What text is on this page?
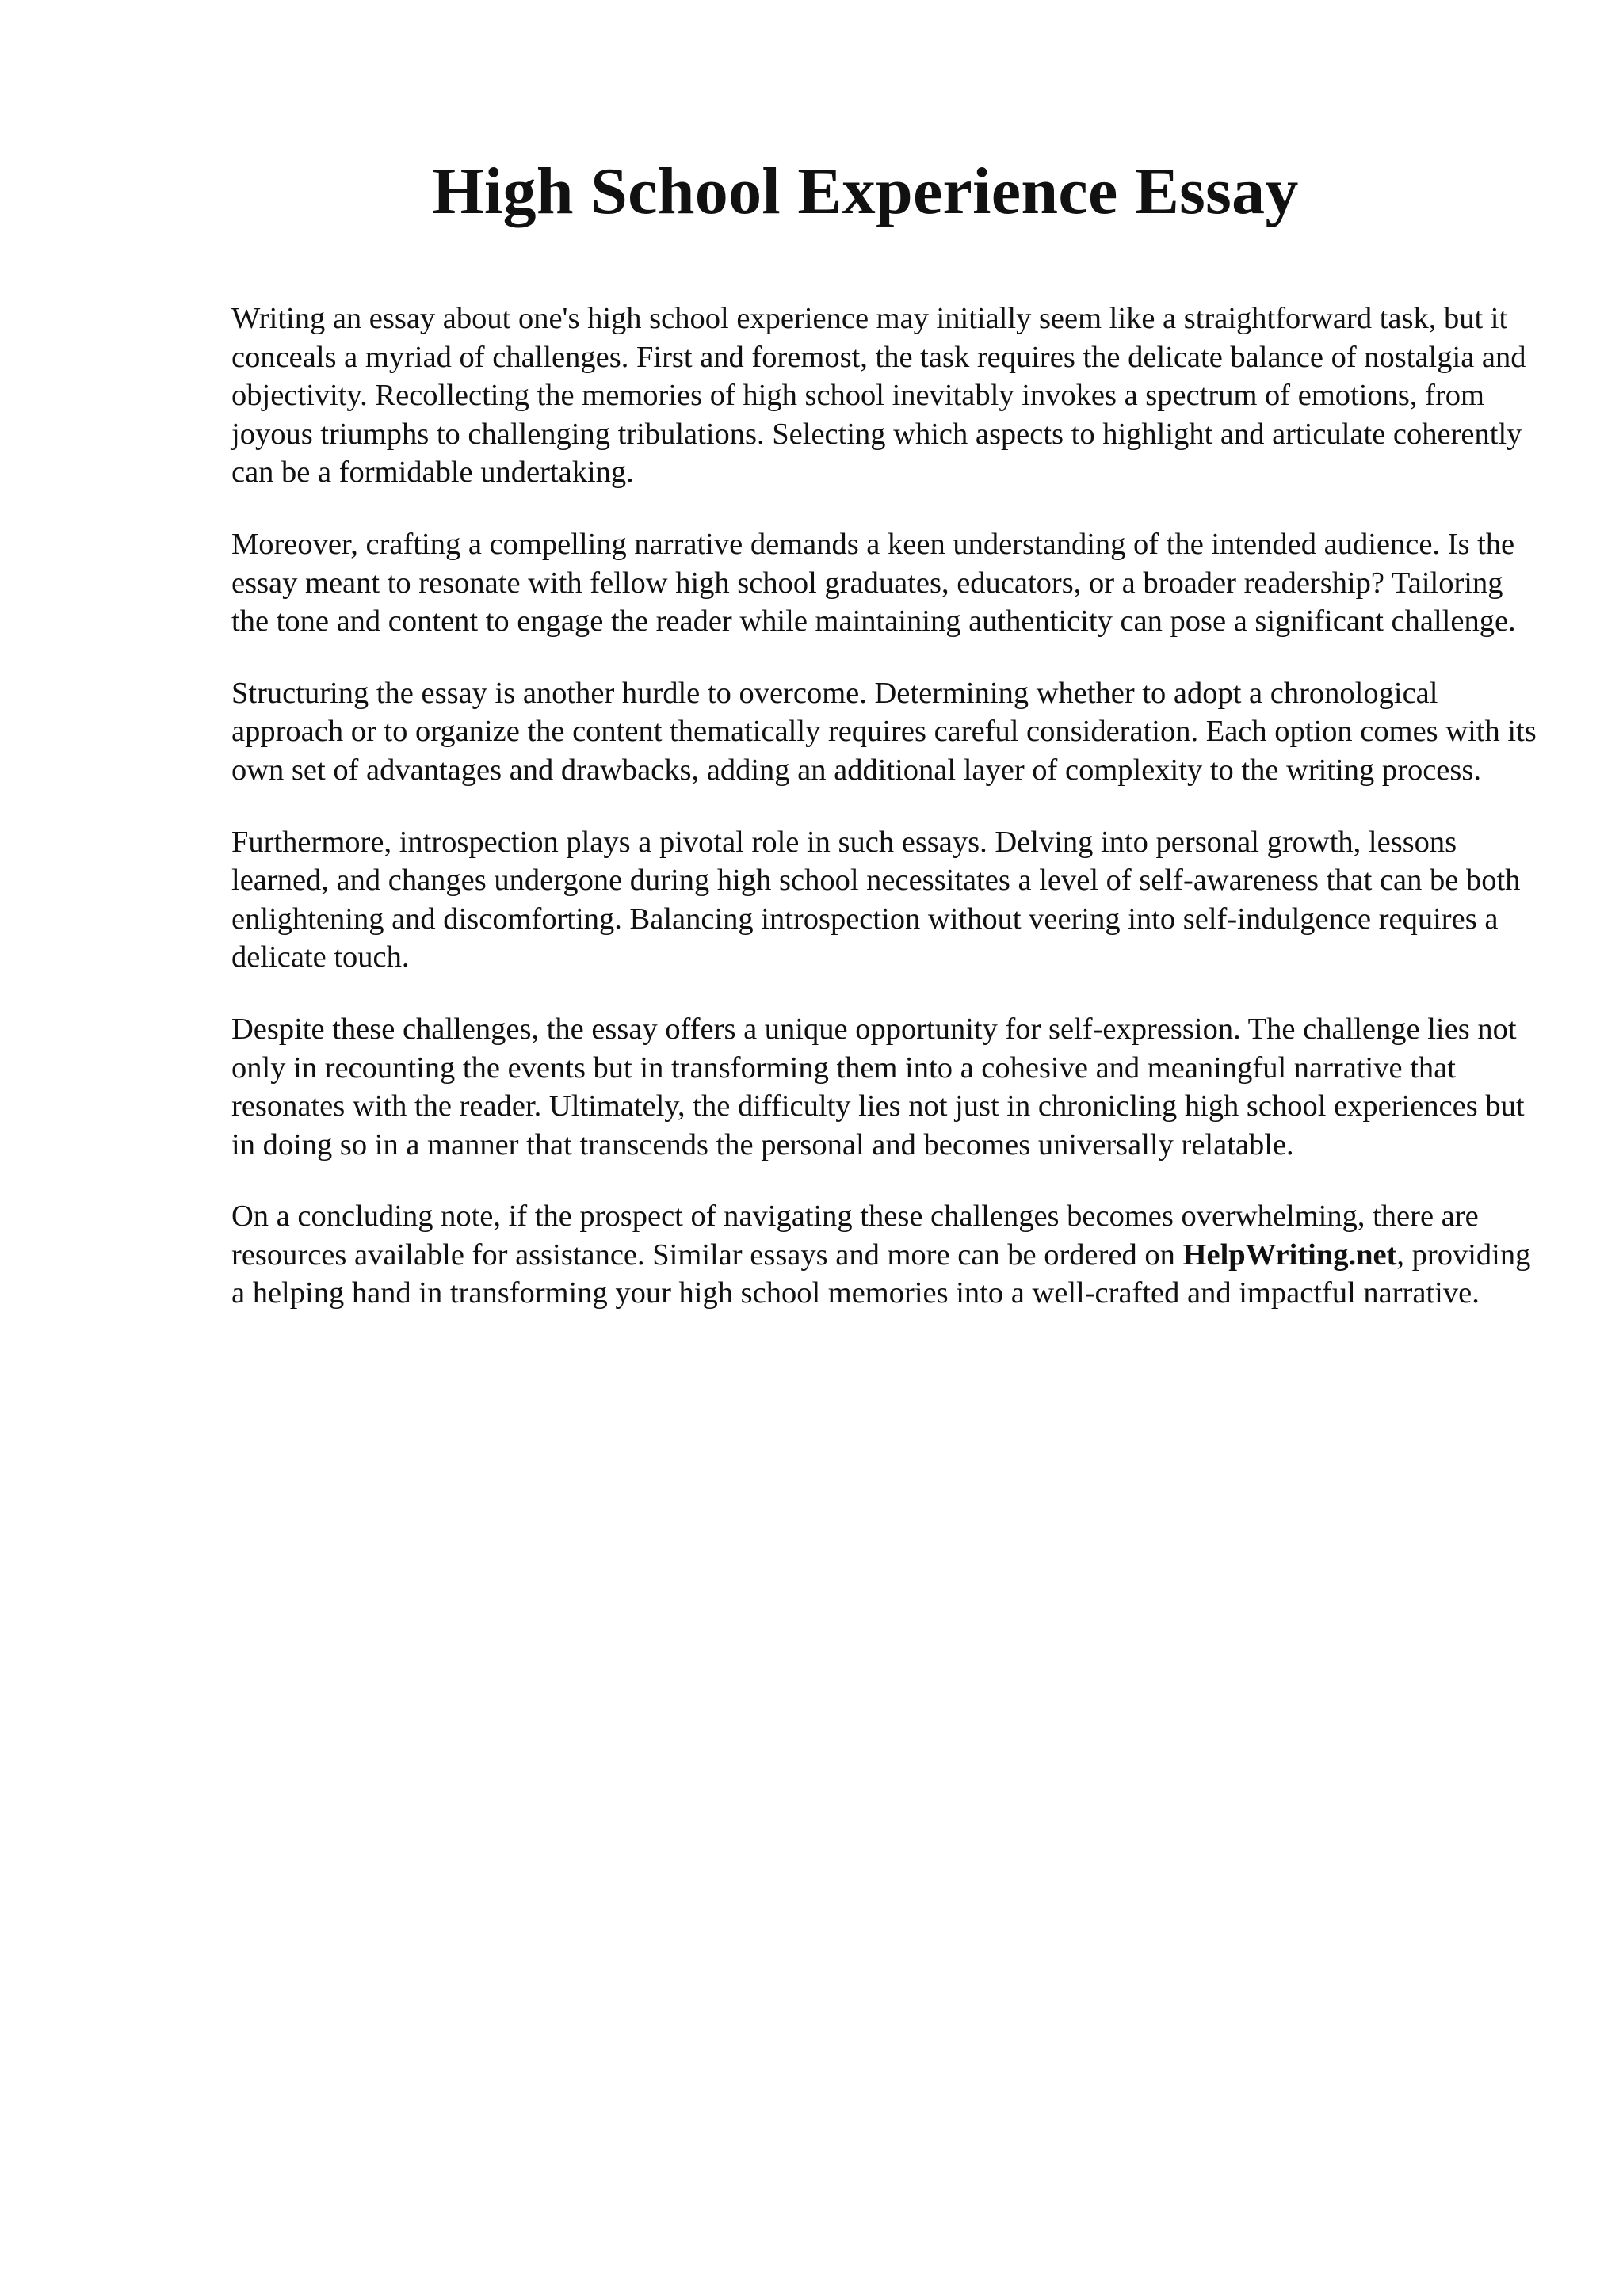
High School Experience Essay

Writing an essay about one's high school experience may initially seem like a straightforward task, but it conceals a myriad of challenges. First and foremost, the task requires the delicate balance of nostalgia and objectivity. Recollecting the memories of high school inevitably invokes a spectrum of emotions, from joyous triumphs to challenging tribulations. Selecting which aspects to highlight and articulate coherently can be a formidable undertaking.

Moreover, crafting a compelling narrative demands a keen understanding of the intended audience. Is the essay meant to resonate with fellow high school graduates, educators, or a broader readership? Tailoring the tone and content to engage the reader while maintaining authenticity can pose a significant challenge.

Structuring the essay is another hurdle to overcome. Determining whether to adopt a chronological approach or to organize the content thematically requires careful consideration. Each option comes with its own set of advantages and drawbacks, adding an additional layer of complexity to the writing process.

Furthermore, introspection plays a pivotal role in such essays. Delving into personal growth, lessons learned, and changes undergone during high school necessitates a level of self-awareness that can be both enlightening and discomforting. Balancing introspection without veering into self-indulgence requires a delicate touch.

Despite these challenges, the essay offers a unique opportunity for self-expression. The challenge lies not only in recounting the events but in transforming them into a cohesive and meaningful narrative that resonates with the reader. Ultimately, the difficulty lies not just in chronicling high school experiences but in doing so in a manner that transcends the personal and becomes universally relatable.

On a concluding note, if the prospect of navigating these challenges becomes overwhelming, there are resources available for assistance. Similar essays and more can be ordered on HelpWriting.net, providing a helping hand in transforming your high school memories into a well-crafted and impactful narrative.
